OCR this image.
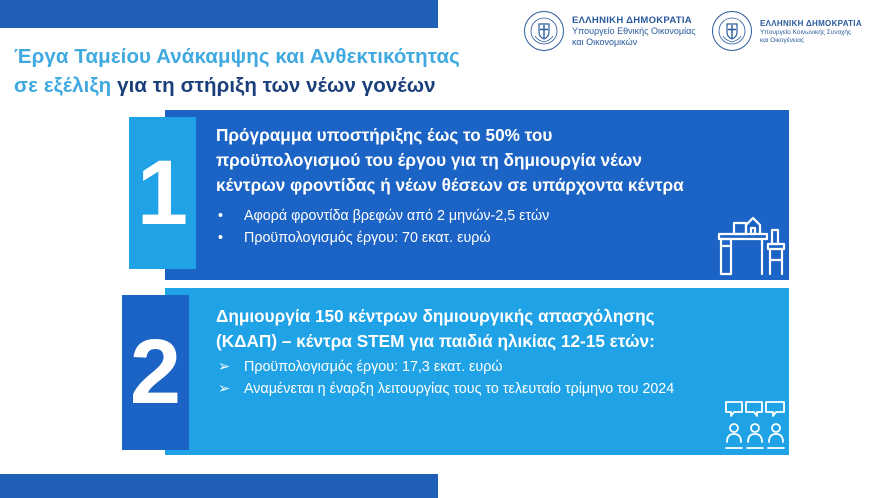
Έργα Ταμείου Ανάκαμψης και Ανθεκτικότητας
σε εξέλιξη για τη στήριξη των νέων γονέων
ΕΛΛΗΝΙΚΗ ΔΗΜΟΚΡΑΤΙΑ
Υπουργείο Εθνικής Οικονομίας
και Οικονομικών
ΕΛΛΗΝΙΚΗ ΔΗΜΟΚΡΑΤΙΑ
Υπουργείο Κοινωνικής Συνοχής
και Οικογένειας
1
Πρόγραμμα υποστήριξης έως το 50% του
προϋπολογισμού του έργου για τη δημιουργία νέων
κέντρων φροντίδας ή νέων θέσεων σε υπάρχοντα κέντρα
•	Αφορά φροντίδα βρεφών από 2 μηνών-2,5 ετών
•	Προϋπολογισμός έργου: 70 εκατ. ευρώ
2
Δημιουργία 150 κέντρων δημιουργικής απασχόλησης
(ΚΔΑΠ) – κέντρα STEM για παιδιά ηλικίας 12-15 ετών:
➢ Προϋπολογισμός έργου: 17,3 εκατ. ευρώ
➢ Αναμένεται η έναρξη λειτουργίας τους το τελευταίο τρίμηνο του 2024
